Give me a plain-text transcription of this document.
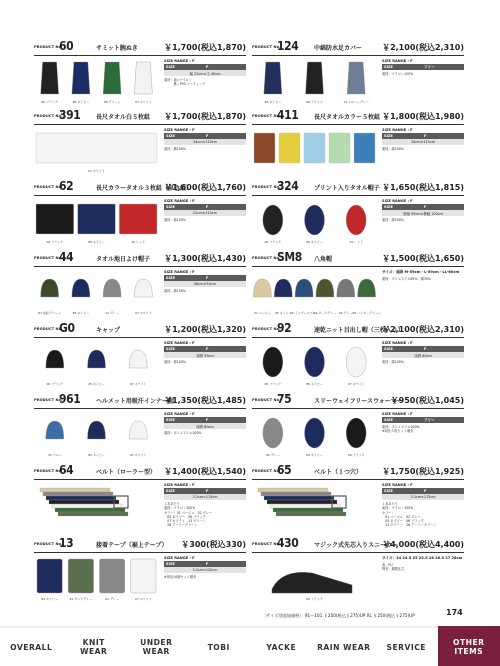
PRODUCT No.
60	サミット腕ぬき	￥1,700(税込1,870)
06 ブラック	85 ネイビー	08 グリーン	07 ホワイト
SIZE RANGE : F
SIZE	F
幅 22cm×丈 40cm
素材：表=ナイロン
　　　裏＝PVCコーティング
PRODUCT No.
124	中綿防水足カバー	￥2,100(税込2,310)
85 ネイビー	06 ブラック	12 シルバーグレー
SIZE RANGE : F
SIZE	フリー
素材：ナイロン100%
PRODUCT No.
391	長尺タオル白５枚組 ￥1,700(税込1,870)
07 ホワイト
SIZE RANGE : F
SIZE	F
34cm×110cm
素材：綿100%
PRODUCT No.
411	長尺タオルカラー５枚組 ￥1,800(税込1,980)
SIZE RANGE : F
SIZE	F
34cm×110cm
素材：綿100%
PRODUCT No.
62	長尺カラータオル３枚組（単色組）
￥1,600(税込1,760)
06 ブラック	85 ネイビー	15 レッド
SIZE RANGE : F
SIZE	F
22cm×110cm
素材：綿100%
PRODUCT No.
324	プリント入りタオル帽子 ￥1,650(税込1,815)
06 ブラック	85 ネイビー	15 レッド
SIZE RANGE : F
SIZE	F
縦幅 59cm×横幅 100cm
素材：綿100%
PRODUCT No.
44	タオル地日よけ帽子 ￥1,300(税込1,430)
81 迷彩グリーン	85 ネイビー	12 グレー	07 ホワイト
SIZE RANGE : F
SIZE	F
58cm×50cm
素材：綿100%
PRODUCT No.
SM8 八角帽	￥1,500(税込1,650)
01 ベージュ 05 ネイビー
25 インディゴブルー
22 ダークグレー 02 グレー 08 ハイカーグリーン
サイズ：頭囲 M-59cm・L-59cm・LL-60cm
素材：ポリエステル65%・綿35%
PRODUCT No.
G0	キャップ	￥1,200(税込1,320)
06 ブラック	05 ネイビー	07 ホワイト
SIZE RANGE : F
SIZE	F
頭囲 59cm
素材：綿100%
PRODUCT No.
92	速乾ニット目出し帽（三枚入り）
￥2,100(税込2,310)
06 ブラック	85 ネイビー	07 ホワイト
SIZE RANGE : F
SIZE	F
頭囲 60cm
素材：綿100%
PRODUCT No.
961	ヘルメット用吸汗インナー帽
￥1,350(税込1,485)
33 ブルー	85 ネイビー	07 ホワイト
SIZE RANGE : F
SIZE	F
頭囲 60cm
素材：ポリエステル100%
PRODUCT No.
75	スリーウェイフリースウォーマー
￥950(税込1,045)
02 グレー	05 ネイビー	06 ブラック
SIZE RANGE : F
SIZE	フリー
素材：ポリエステル100%
※同色５枚セット販売
PRODUCT No.
64	ベルト（ローラー型） ￥1,400(税込1,540)
SIZE RANGE : F
SIZE	F
3.2cm×115cm
１本あたり
素材：ナイロン100%
カラー：01 ベージュ　02 グレー
　05 ネイビー　06 ブラック
　07 ホワイト　13 グリーン
　26 アーミーグリーン
PRODUCT No.
65	ベルト（１つ穴）	￥1,750(税込1,925)
SIZE RANGE : F
SIZE	F
3.2cm×115cm
１本あたり
素材：ナイロン100%
カラー：
　01 ベージュ　02 グレー
　05 ネイビー　06 ブラック
　13 グリーン　26 アーミーグリーン
PRODUCT No.
13	接着テープ（裾上テープ） ￥300(税込330)
85 ネイビー	22 ダークグレー	02 グレー	07 ホワイト
SIZE RANGE : F
SIZE	F
3.2cm×120cm
※単色10個セット販売
PRODUCT No.
430	マジック式先芯入りスニーカー
￥4,000(税込4,400)
06 ブラック
サイズ：24 24.5 25 25.5 26 26.5 27 28cm
表：PU
特長：鋼製先芯
［サイズ別追加価格］ 91〜101 ￥250(税込￥275)UP XL ￥250(税込￥275)UP	174
OVERALL	KNIT
WEAR
UNDER
WEAR	TOBI	YACKE	RAIN WEAR	SERVICE	OTHER
ITEMS
